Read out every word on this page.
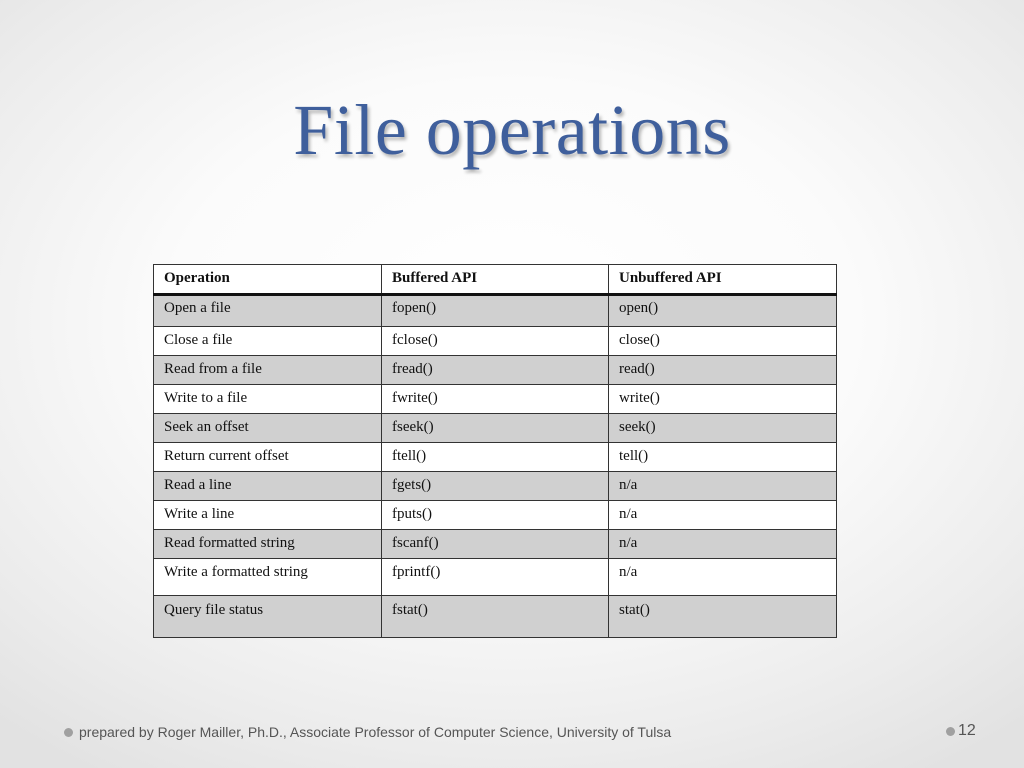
File operations
Operation	Buffered API	Unbuffered API
Open a file	fopen()	open()
Close a file	fclose()	close()
Read from a file	fread()	read()
Write to a file	fwrite()	write()
Seek an offset	fseek()	seek()
Return current offset	ftell()	tell()
Read a line	fgets()	n/a
Write a line	fputs()	n/a
Read formatted string	fscanf()	n/a
Write a formatted string	fprintf()	n/a
Query file status	fstat()	stat()
prepared by Roger Mailler, Ph.D., Associate Professor of Computer Science, University of Tulsa	12
